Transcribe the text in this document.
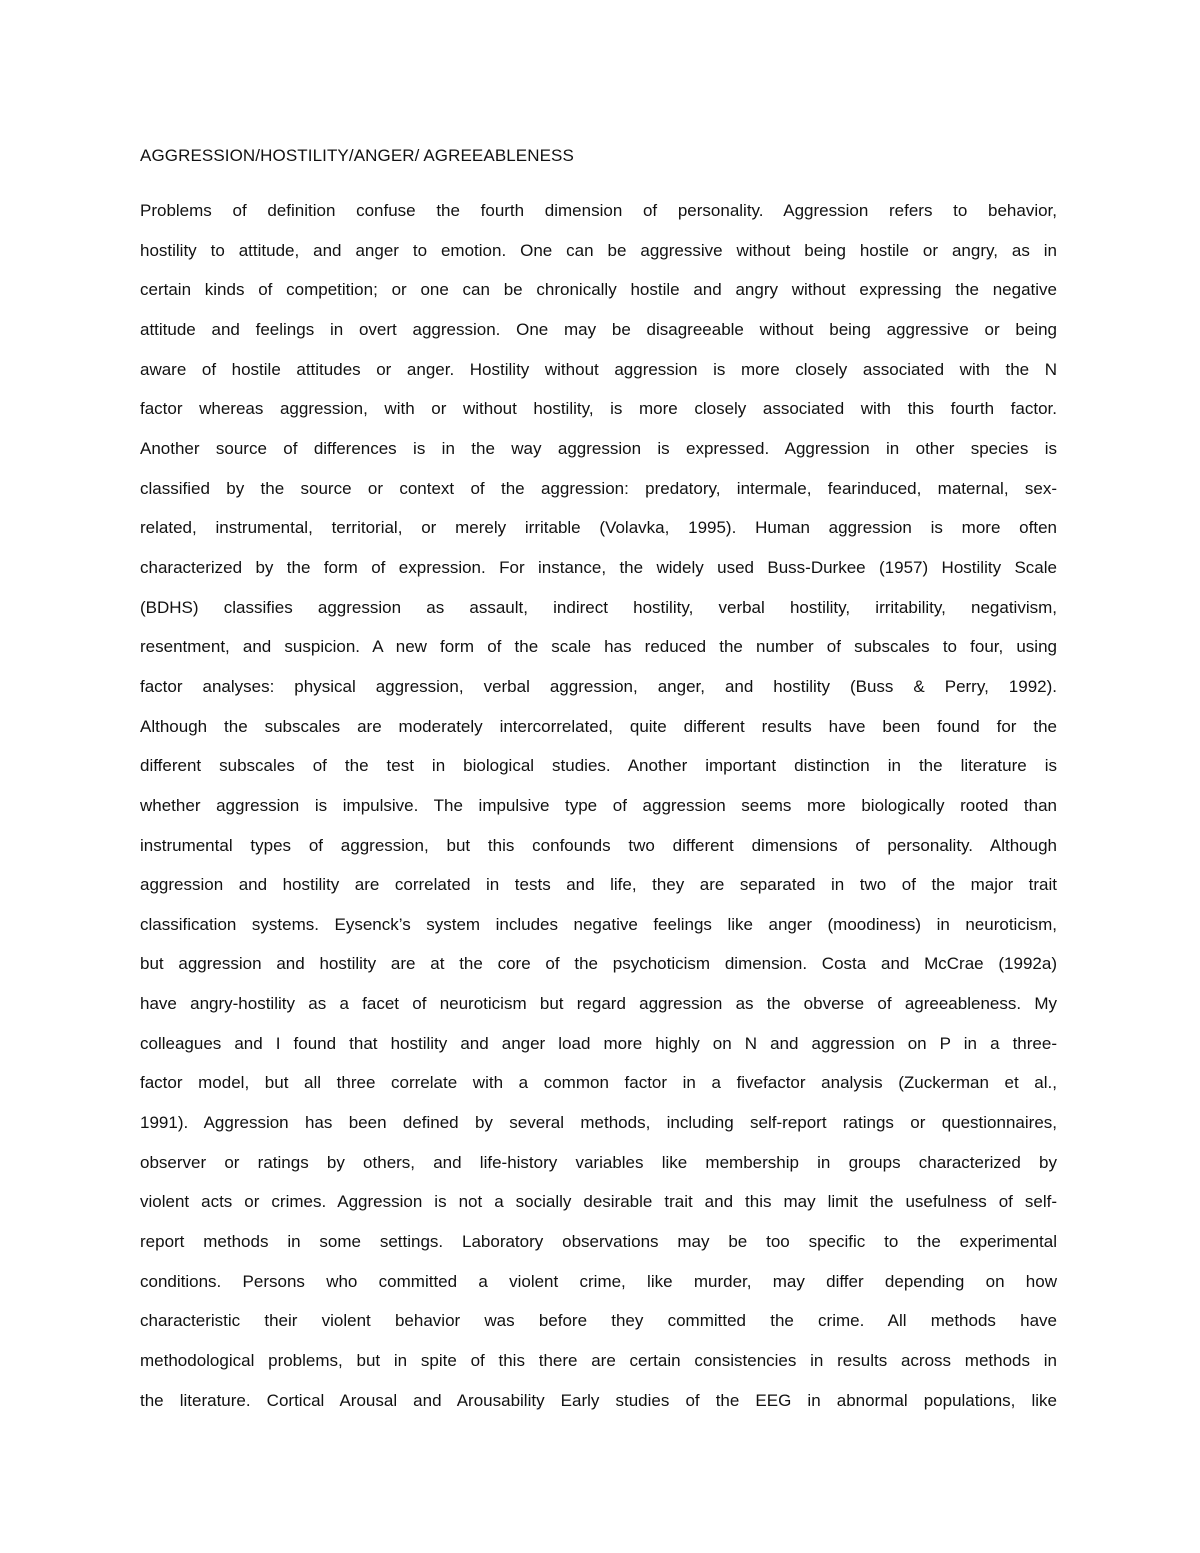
AGGRESSION/HOSTILITY/ANGER/ AGREEABLENESS
Problems of definition confuse the fourth dimension of personality. Aggression refers to behavior,
hostility to attitude, and anger to emotion. One can be aggressive without being hostile or angry, as in
certain kinds of competition; or one can be chronically hostile and angry without expressing the negative
attitude and feelings in overt aggression. One may be disagreeable without being aggressive or being
aware of hostile attitudes or anger. Hostility without aggression is more closely associated with the N
factor whereas aggression, with or without hostility, is more closely associated with this fourth factor.
Another source of differences is in the way aggression is expressed. Aggression in other species is
classified by the source or context of the aggression: predatory, intermale, fearinduced, maternal, sex-
related, instrumental, territorial, or merely irritable (Volavka, 1995). Human aggression is more often
characterized by the form of expression. For instance, the widely used Buss-Durkee (1957) Hostility Scale
(BDHS) classifies aggression as assault, indirect hostility, verbal hostility, irritability, negativism,
resentment, and suspicion. A new form of the scale has reduced the number of subscales to four, using
factor analyses: physical aggression, verbal aggression, anger, and hostility (Buss & Perry, 1992).
Although the subscales are moderately intercorrelated, quite different results have been found for the
different subscales of the test in biological studies. Another important distinction in the literature is
whether aggression is impulsive. The impulsive type of aggression seems more biologically rooted than
instrumental types of aggression, but this confounds two different dimensions of personality. Although
aggression and hostility are correlated in tests and life, they are separated in two of the major trait
classification systems. Eysenck’s system includes negative feelings like anger (moodiness) in neuroticism,
but aggression and hostility are at the core of the psychoticism dimension. Costa and McCrae (1992a)
have angry-hostility as a facet of neuroticism but regard aggression as the obverse of agreeableness. My
colleagues and I found that hostility and anger load more highly on N and aggression on P in a three-
factor model, but all three correlate with a common factor in a fivefactor analysis (Zuckerman et al.,
1991). Aggression has been defined by several methods, including self-report ratings or questionnaires,
observer or ratings by others, and life-history variables like membership in groups characterized by
violent acts or crimes. Aggression is not a socially desirable trait and this may limit the usefulness of self-
report methods in some settings. Laboratory observations may be too specific to the experimental
conditions. Persons who committed a violent crime, like murder, may differ depending on how
characteristic their violent behavior was before they committed the crime. All methods have
methodological problems, but in spite of this there are certain consistencies in results across methods in
the literature. Cortical Arousal and Arousability Early studies of the EEG in abnormal populations, like
